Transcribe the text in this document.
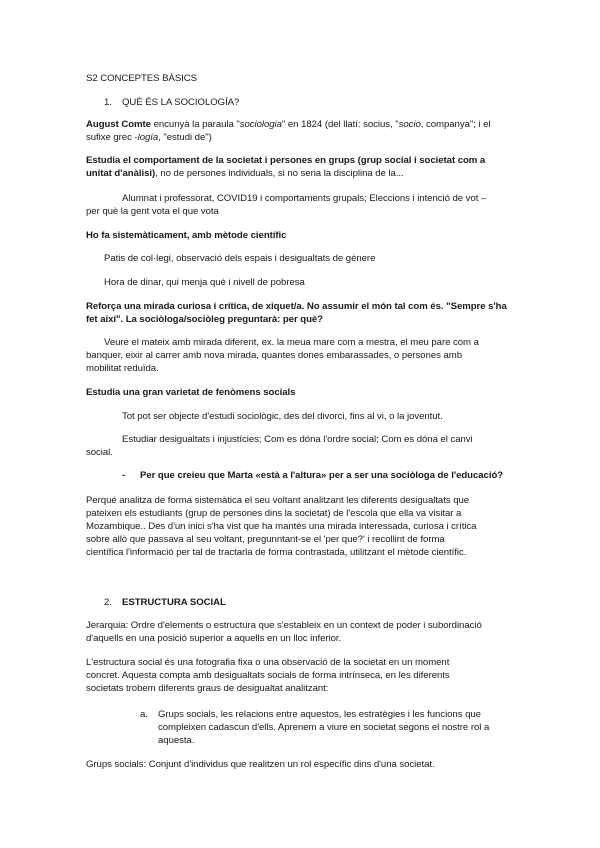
S2 CONCEPTES BÀSICS
1. QUÈ ÉS LA SOCIOLOGÍA?
August Comte encunyà la paraula "sociologia" en 1824 (del llatí: socius, "socio, companya"; i el
sufixe grec -logía, "estudi de")
Estudia el comportament de la societat i persones en grups (grup social i societat com a
unitat d'anàlisi), no de persones individuals, si no seria la disciplina de la...
Alumnat i professorat, COVID19 i comportaments grupals; Eleccions i intenció de vot –
per què la gent vota el que vota
Ho fa sistemàticament, amb mètode científic
Patis de col·legi, observació dels espais i desigualtats de gènere
Hora de dinar, qui menja què i nivell de pobresa
Reforça una mirada curiosa i crítica, de xiquet/a. No assumir el món tal com és. "Sempre s'ha
fet així". La sociòloga/sociòleg preguntarà: per què?
Veure el mateix amb mirada diferent, ex. la meua mare com a mestra, el meu pare com a
banquer, eixir al carrer amb nova mirada, quantes dones embarassades, o persones amb
mobilitat reduïda.
Estudia una gran varietat de fenòmens socials
Tot pot ser objecte d'estudi sociològic, des del divorci, fins al vi, o la joventut.
Estudiar desigualtats i injustícies; Com es dóna l'ordre social; Com es dóna el canvi
social.
- Per que creieu que Marta «està a l'altura» per a ser una sociòloga de l'educació?
Perqué analitza de forma sistemàtica el seu voltant analitzant les diferents desigualtats que
pateixen els estudiants (grup de persones dins la societat) de l'escola que ella va visitar a
Mozambique.. Des d'un inici s'ha vist que ha mantés una mirada interessada, curiosa i crítica
sobre allò que passava al seu voltant, pregunntant-se el 'per que?' i recollint de forma
científica l'informació per tal de tractarla de forma contrastada, utilitzant el mètode científic.
2. ESTRUCTURA SOCIAL
Jerarquia: Ordre d'elements o estructura que s'estableix en un context de poder i subordinació
d'aquells en una posició superior a aquells en un lloc inferior.
L'estructura social és una fotografia fixa o una observació de la societat en un moment
concret. Aquesta compta amb desigualtats socials de forma intrínseca, en les diferents
societats trobem diferents graus de desigualtat analitzant:
a. Grups socials, les relacions entre aquestos, les estratègies i les funcions que
compleixen cadascun d'ells. Aprenem a viure en societat segons el nostre rol a
aquesta.
Grups socials: Conjunt d'individus que realitzen un rol específic dins d'una societat.
